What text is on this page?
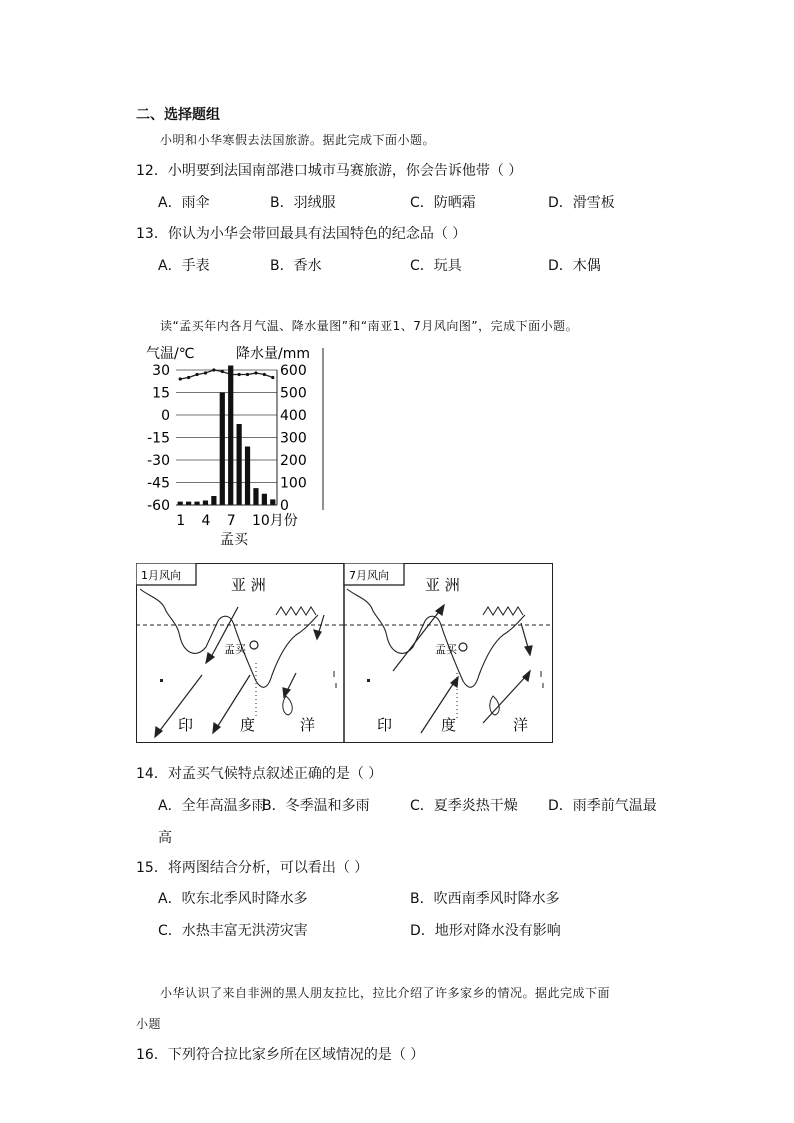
二、选择题组
小明和小华寒假去法国旅游。据此完成下面小题。
12．小明要到法国南部港口城市马赛旅游，你会告诉他带（ ）
A．雨伞	B．羽绒服	C．防晒霜	D．滑雪板
13．你认为小华会带回最具有法国特色的纪念品（ ）
A．手表	B．香水	C．玩具	D．木偶
读“孟买年内各月气温、降水量图”和“南亚1、7月风向图”，完成下面小题。
气温/℃	降水量/mm
30
15
0
-15
-30
-45
-60
600
500
400
300
200
100
0
1 4 7 10月份
孟买
1月风向
亚 洲
孟买
印	度	洋
7月风向
亚 洲
孟买
印	度	洋
14．对孟买气候特点叙述正确的是（ ）
A．全年高温多雨
B．冬季温和多雨	C．夏季炎热干燥 D．雨季前气温最
高
15．将两图结合分析，可以看出（ ）
A．吹东北季风时降水多	B．吹西南季风时降水多
C．水热丰富无洪涝灾害	D．地形对降水没有影响
小华认识了来自非洲的黑人朋友拉比，拉比介绍了许多家乡的情况。据此完成下面
小题
16．下列符合拉比家乡所在区域情况的是（ ）
